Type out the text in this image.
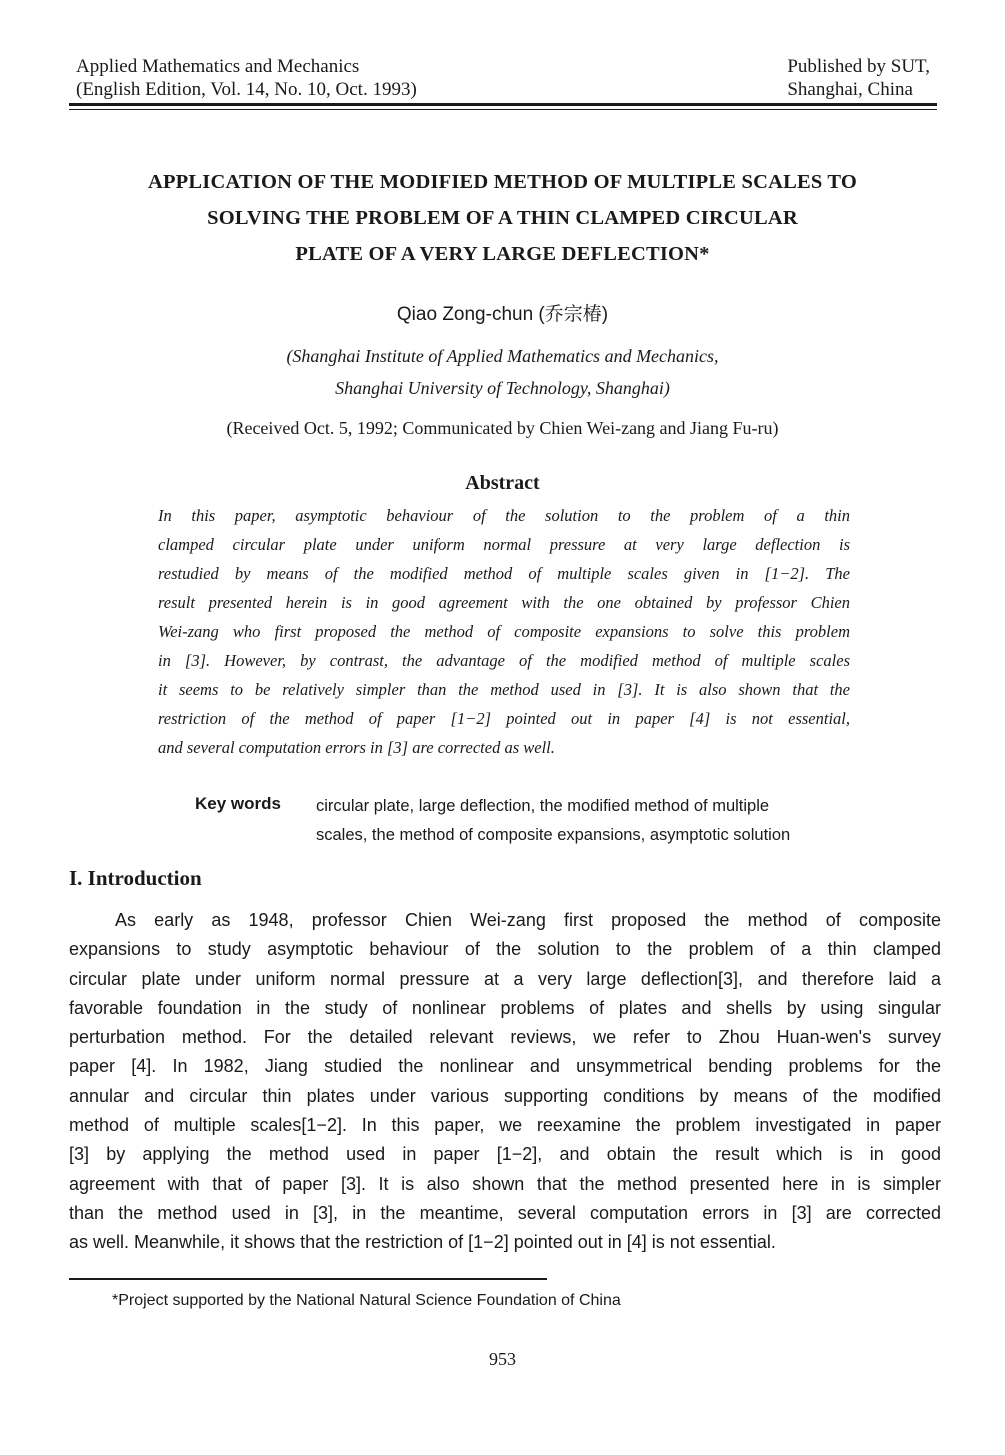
Applied Mathematics and Mechanics
(English Edition, Vol. 14, No. 10, Oct. 1993)
Published by SUT,
Shanghai, China
APPLICATION OF THE MODIFIED METHOD OF MULTIPLE SCALES TO
SOLVING THE PROBLEM OF A THIN CLAMPED CIRCULAR
PLATE OF A VERY LARGE DEFLECTION*
Qiao Zong-chun (乔宗椿)
(Shanghai Institute of Applied Mathematics and Mechanics,
Shanghai University of Technology, Shanghai)
(Received Oct. 5, 1992; Communicated by Chien Wei-zang and Jiang Fu-ru)
Abstract
In this paper, asymptotic behaviour of the solution to the problem of a thin
clamped circular plate under uniform normal pressure at very large deflection is
restudied by means of the modified method of multiple scales given in [1−2]. The
result presented herein is in good agreement with the one obtained by professor Chien
Wei-zang who first proposed the method of composite expansions to solve this problem
in [3]. However, by contrast, the advantage of the modified method of multiple scales
it seems to be relatively simpler than the method used in [3]. It is also shown that the
restriction of the method of paper [1−2] pointed out in paper [4] is not essential,
and several computation errors in [3] are corrected as well.
Key words circular plate, large deflection, the modified method of multiple
scales, the method of composite expansions, asymptotic solution
I. Introduction
As early as 1948, professor Chien Wei-zang first proposed the method of composite
expansions to study asymptotic behaviour of the solution to the problem of a thin clamped
circular plate under uniform normal pressure at a very large deflection[3], and therefore laid a
favorable foundation in the study of nonlinear problems of plates and shells by using singular
perturbation method. For the detailed relevant reviews, we refer to Zhou Huan-wen's survey
paper [4]. In 1982, Jiang studied the nonlinear and unsymmetrical bending problems for the
annular and circular thin plates under various supporting conditions by means of the modified
method of multiple scales[1−2]. In this paper, we reexamine the problem investigated in paper
[3] by applying the method used in paper [1−2], and obtain the result which is in good
agreement with that of paper [3]. It is also shown that the method presented here in is simpler
than the method used in [3], in the meantime, several computation errors in [3] are corrected
as well. Meanwhile, it shows that the restriction of [1−2] pointed out in [4] is not essential.
*Project supported by the National Natural Science Foundation of China
953
